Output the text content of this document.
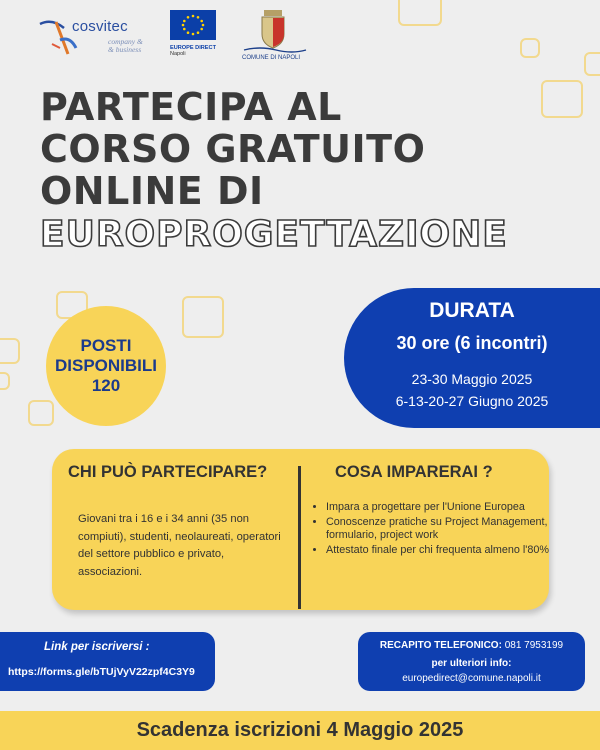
cosvitec
company &
& business	EUROPE DIRECT
Napoli
COMUNE DI NAPOLI
PARTECIPA AL
CORSO GRATUITO
ONLINE DI
EUROPROGETTAZIONE
POSTI
DISPONIBILI
120
DURATA
30 ore (6 incontri)
23-30 Maggio 2025
6-13-20-27 Giugno 2025
CHI PUÒ PARTECIPARE?
Giovani tra i 16 e i 34 anni (35 non compiuti), studenti, neolaureati, operatori del settore pubblico e privato, associazioni.
COSA IMPARERAI ?
• Impara a progettare per l'Unione Europea
• Conoscenze pratiche su Project Management, formulario, project work
• Attestato finale per chi frequenta almeno l'80%
Link per iscriversi :
https://forms.gle/bTUjVyV22zpf4C3Y9
RECAPITO TELEFONICO: 081 7953199
per ulteriori info:
europedirect@comune.napoli.it
Scadenza iscrizioni 4 Maggio 2025
